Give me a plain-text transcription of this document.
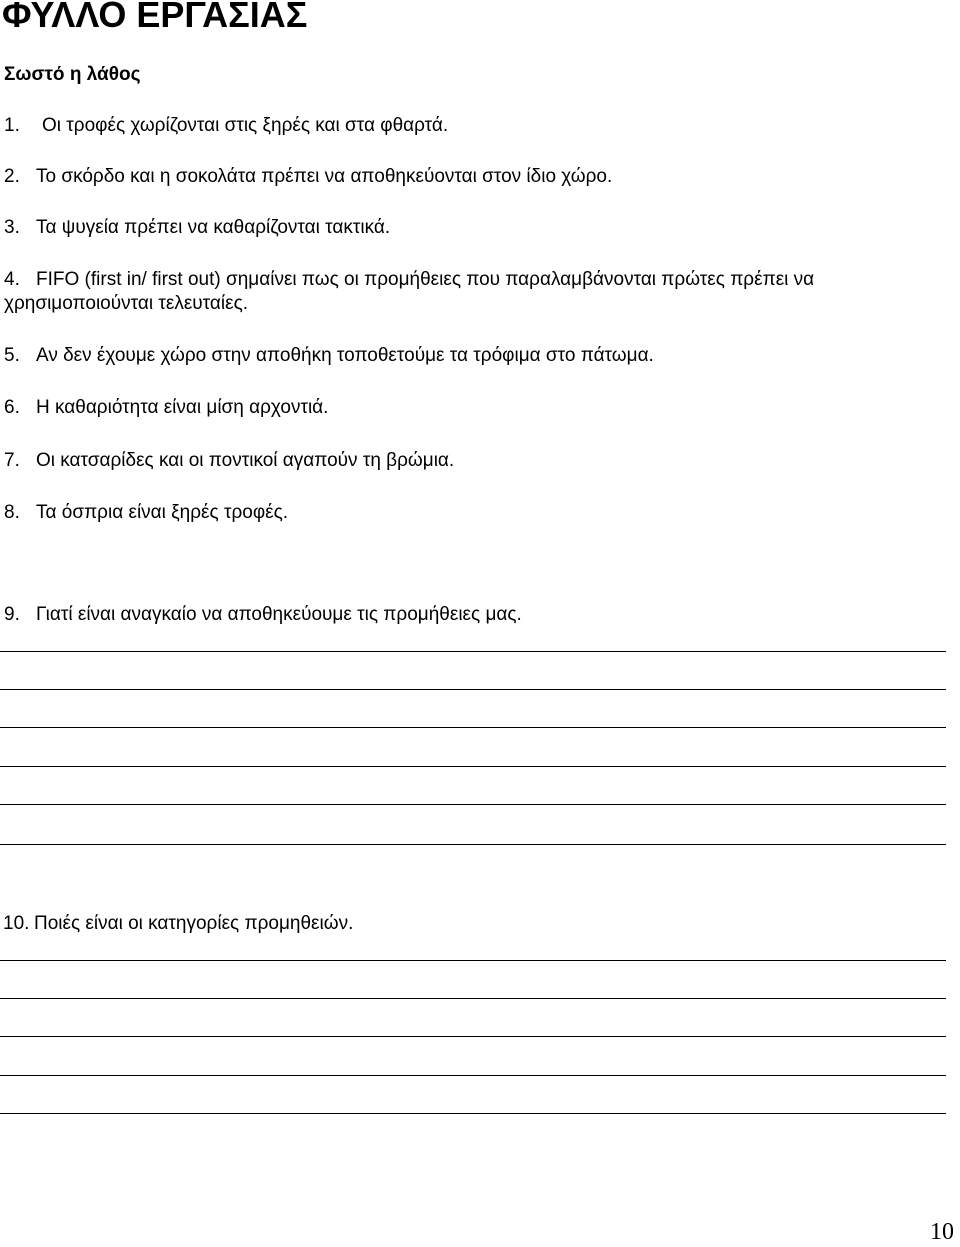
ΦΥΛΛΟ ΕΡΓΑΣΙΑΣ
Σωστό η λάθος
1. Οι τροφές χωρίζονται στις ξηρές και στα φθαρτά.
2. Το σκόρδο και η σοκολάτα πρέπει να αποθηκεύονται στον ίδιο χώρο.
3. Τα ψυγεία πρέπει να καθαρίζονται τακτικά.
4. FIFO (first in/ first out) σημαίνει πως οι προμήθειες που παραλαμβάνονται πρώτες πρέπει να
χρησιμοποιούνται τελευταίες.
5. Αν δεν έχουμε χώρο στην αποθήκη τοποθετούμε τα τρόφιμα στο πάτωμα.
6. Η καθαριότητα είναι μίση αρχοντιά.
7. Οι κατσαρίδες και οι ποντικοί αγαπούν τη βρώμια.
8. Τα όσπρια είναι ξηρές τροφές.
9. Γιατί είναι αναγκαίο να αποθηκεύουμε τις προμήθειες μας.
10. Ποιές είναι οι κατηγορίες προμηθειών.
10
